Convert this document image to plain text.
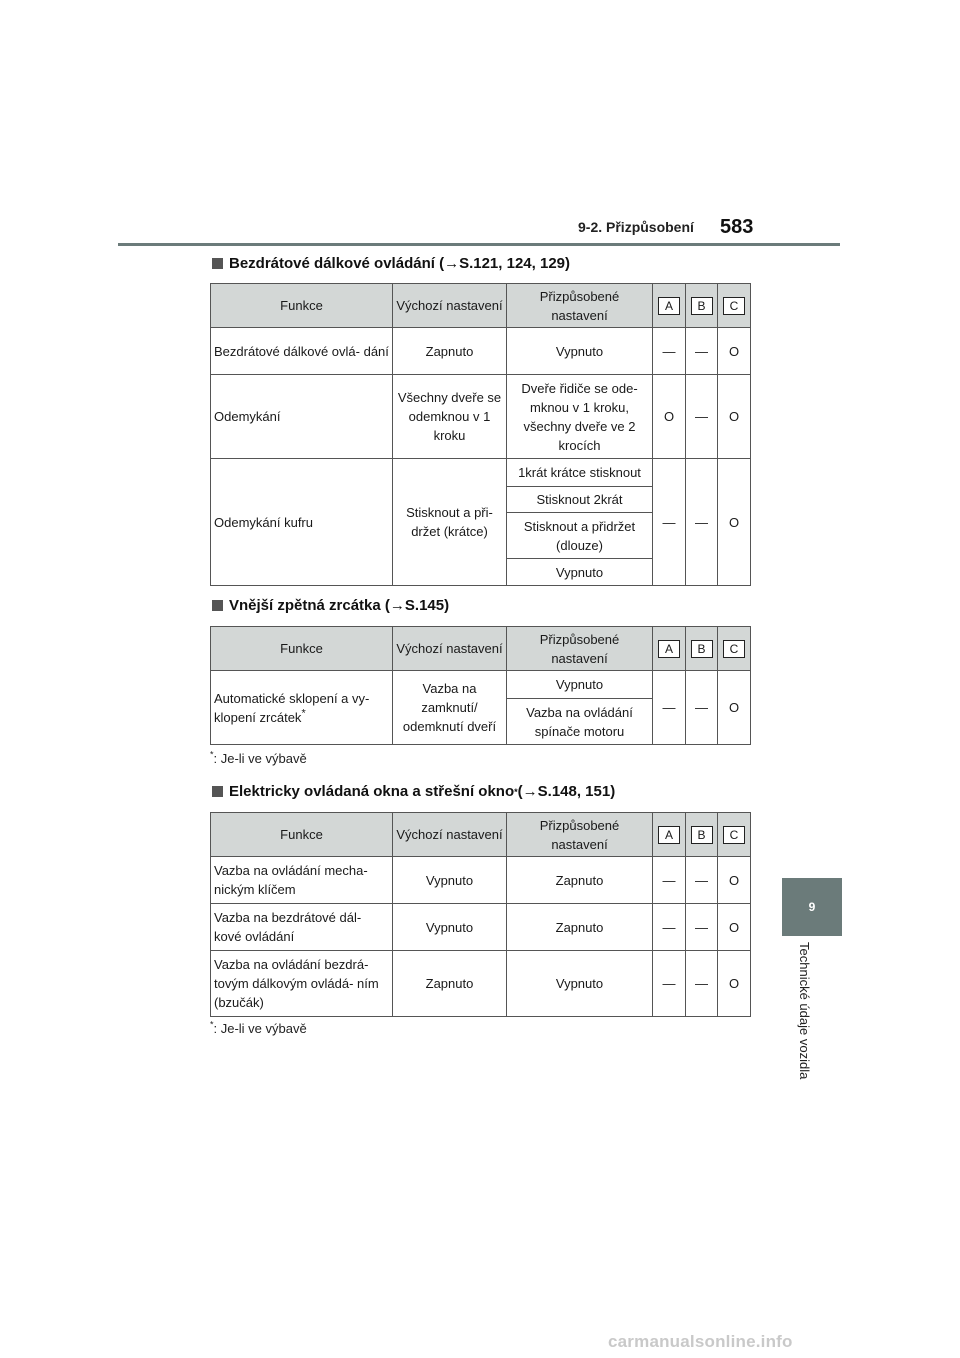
9-2. Přizpůsobení 583
9
Technické údaje vozidla
Bezdrátové dálkové ovládání ( → S.121, 124, 129)
Funkce	Výchozí nastavení	Přizpůsobené nastavení	A	B	C
Bezdrátové dálkové ovlá- dání	Zapnuto	Vypnuto	—	—	O
Odemykání	Všechny dveře se odemknou v 1 kroku	Dveře řidiče se ode- mknou v 1 kroku, všechny dveře ve 2 krocích	O	—	O
Odemykání kufru	Stisknout a při- držet (krátce)	1krát krátce stisknout	—	—	O
		Stisknout 2krát			
		Stisknout a přidržet (dlouze)			
		Vypnuto			
Vnější zpětná zrcátka ( → S.145)
Funkce	Výchozí nastavení	Přizpůsobené nastavení	A	B	C
Automatické sklopení a vy- klopení zrcátek*	Vazba na zamknutí/ odemknutí dveří	Vypnuto	—	—	O
		Vazba na ovládání spínače motoru			
*: Je-li ve výbavě
Elektricky ovládaná okna a střešní okno * ( → S.148, 151)
Funkce	Výchozí nastavení	Přizpůsobené nastavení	A	B	C
Vazba na ovládání mecha- nickým klíčem	Vypnuto	Zapnuto	—	—	O
Vazba na bezdrátové dál- kové ovládání	Vypnuto	Zapnuto	—	—	O
Vazba na ovládání bezdrá- tovým dálkovým ovládá- ním (bzučák)	Zapnuto	Vypnuto	—	—	O
*: Je-li ve výbavě
carmanualsonline.info
